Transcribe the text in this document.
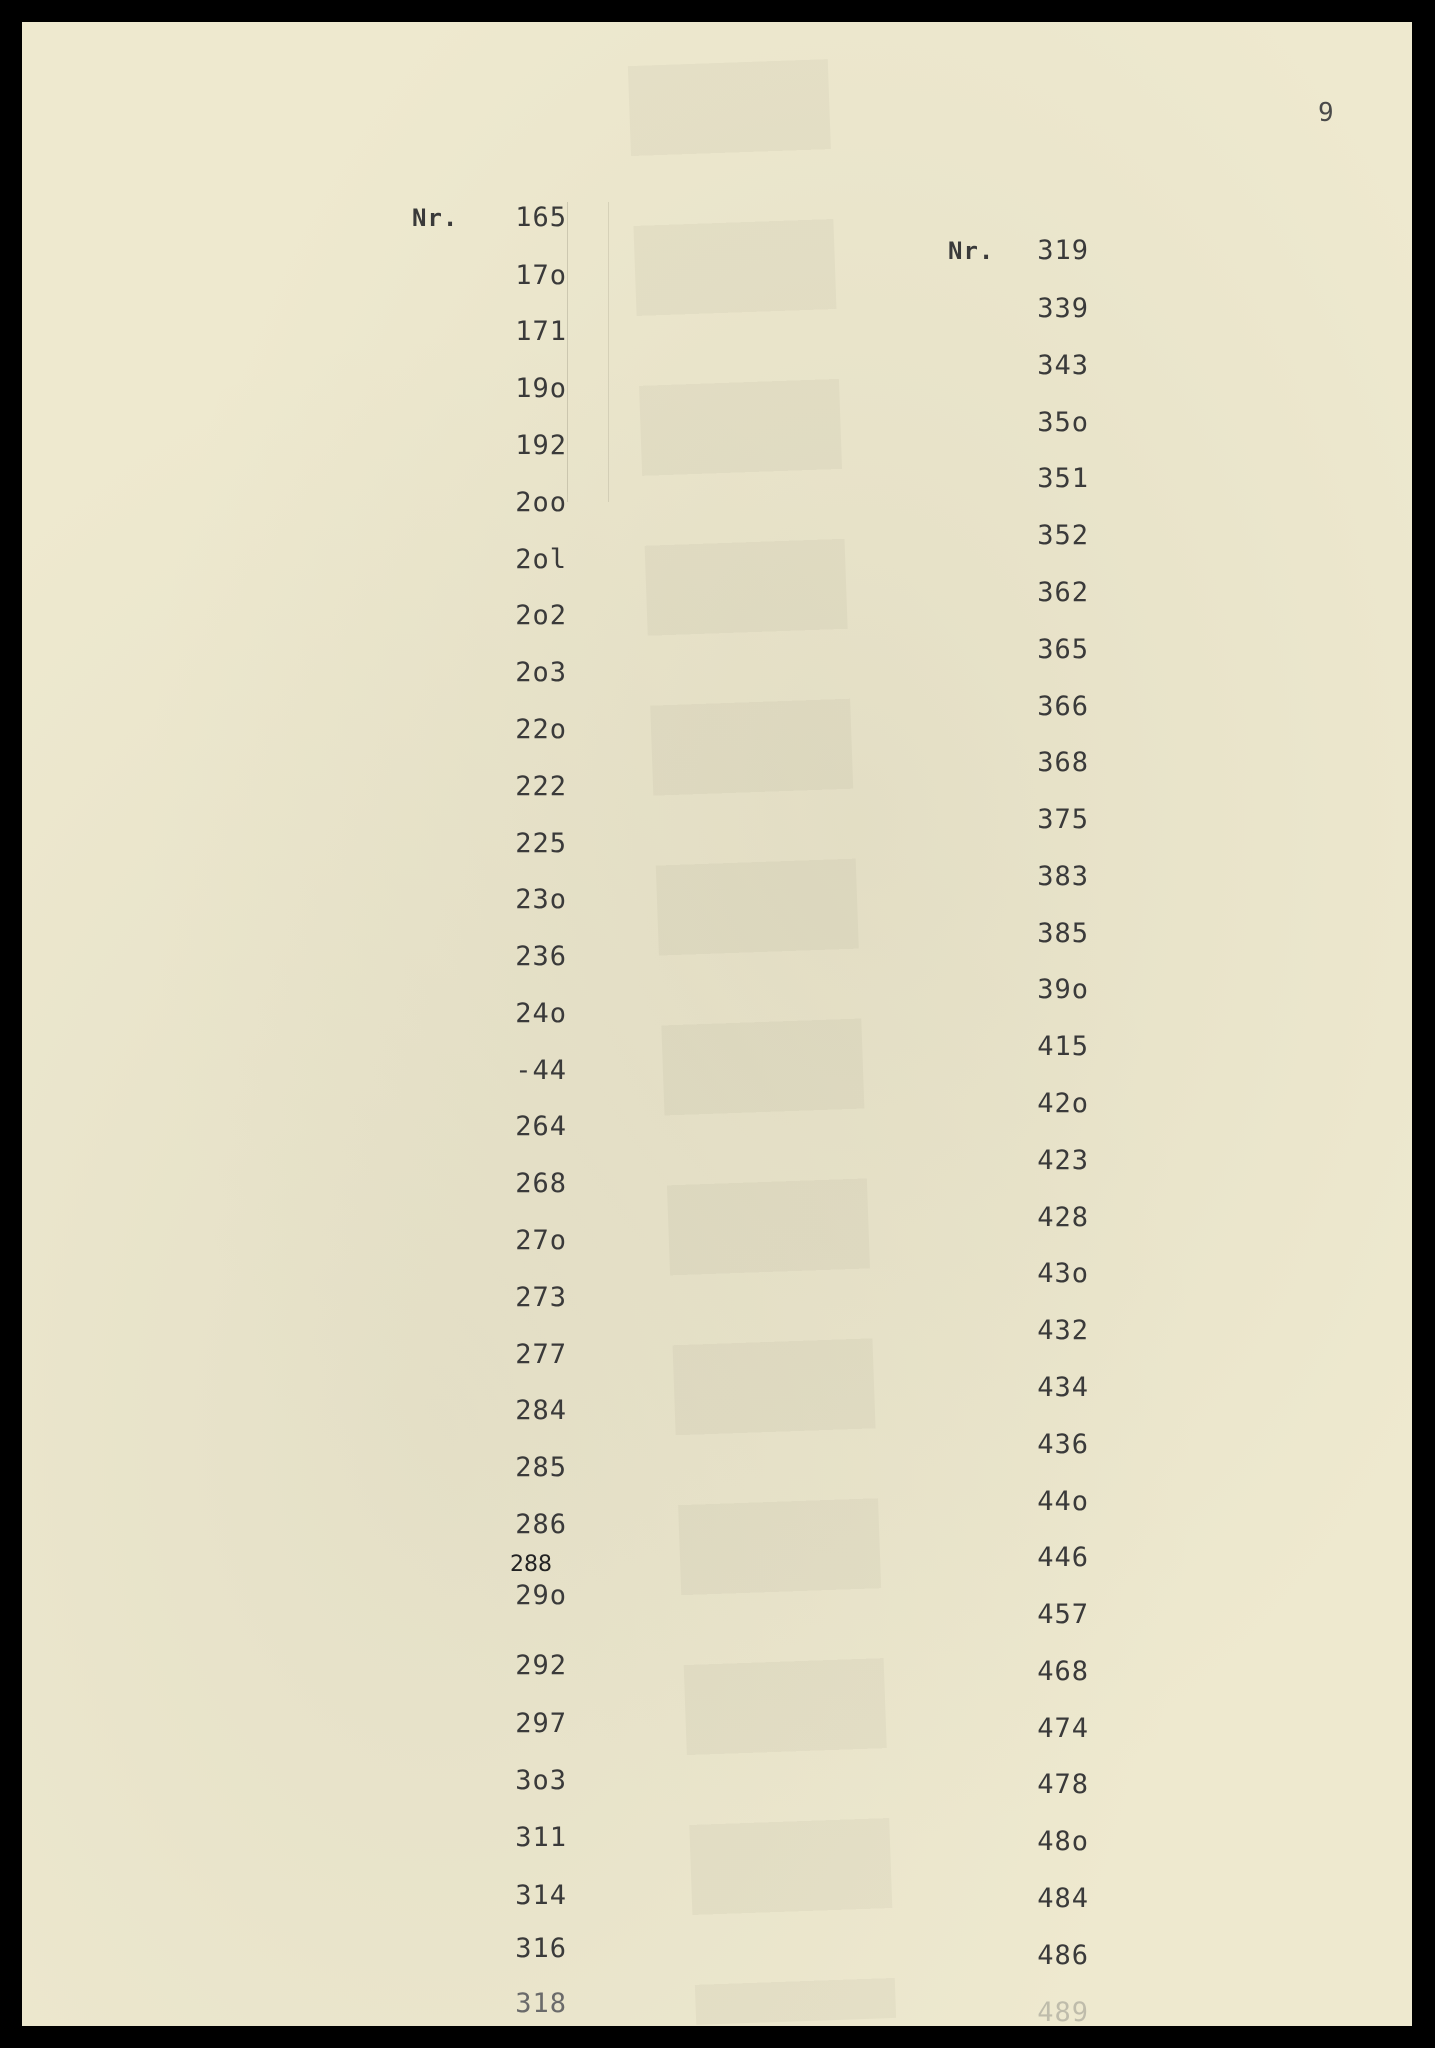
9
Nr.	165
17o
171
19o
192
2oo
2ol
2o2
2o3
22o
222
225
23o
236
24o
-44
264
268
27o
273
277
284
285
286
288
29o
292
297
3o3
311
314
316
318
Nr.	319
339
343
35o
351
352
362
365
366
368
375
383
385
39o
415
42o
423
428
43o
432
434
436
44o
446
457
468
474
478
48o
484
486
489
